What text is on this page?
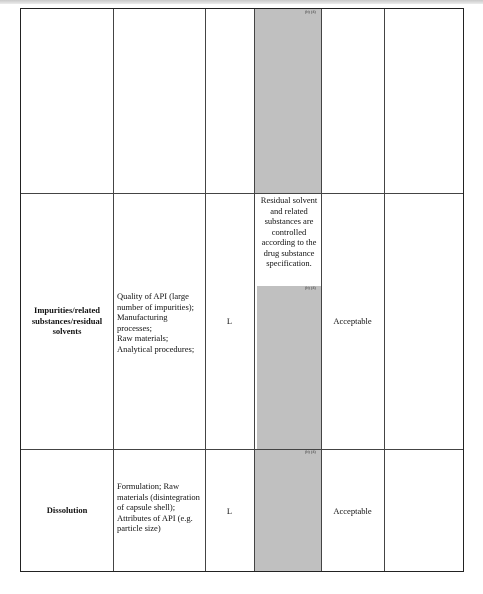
(b) (4)
Impurities/related substances/residual solvents
Quality of API (large number of impurities);
Manufacturing processes;
Raw materials;
Analytical procedures;
L
Residual solvent and related substances are controlled according to the drug substance specification.
(b) (4)
Acceptable
Dissolution
Formulation; Raw materials (disintegration of capsule shell);
Attributes of API (e.g. particle size)
L
(b) (4)
Acceptable
